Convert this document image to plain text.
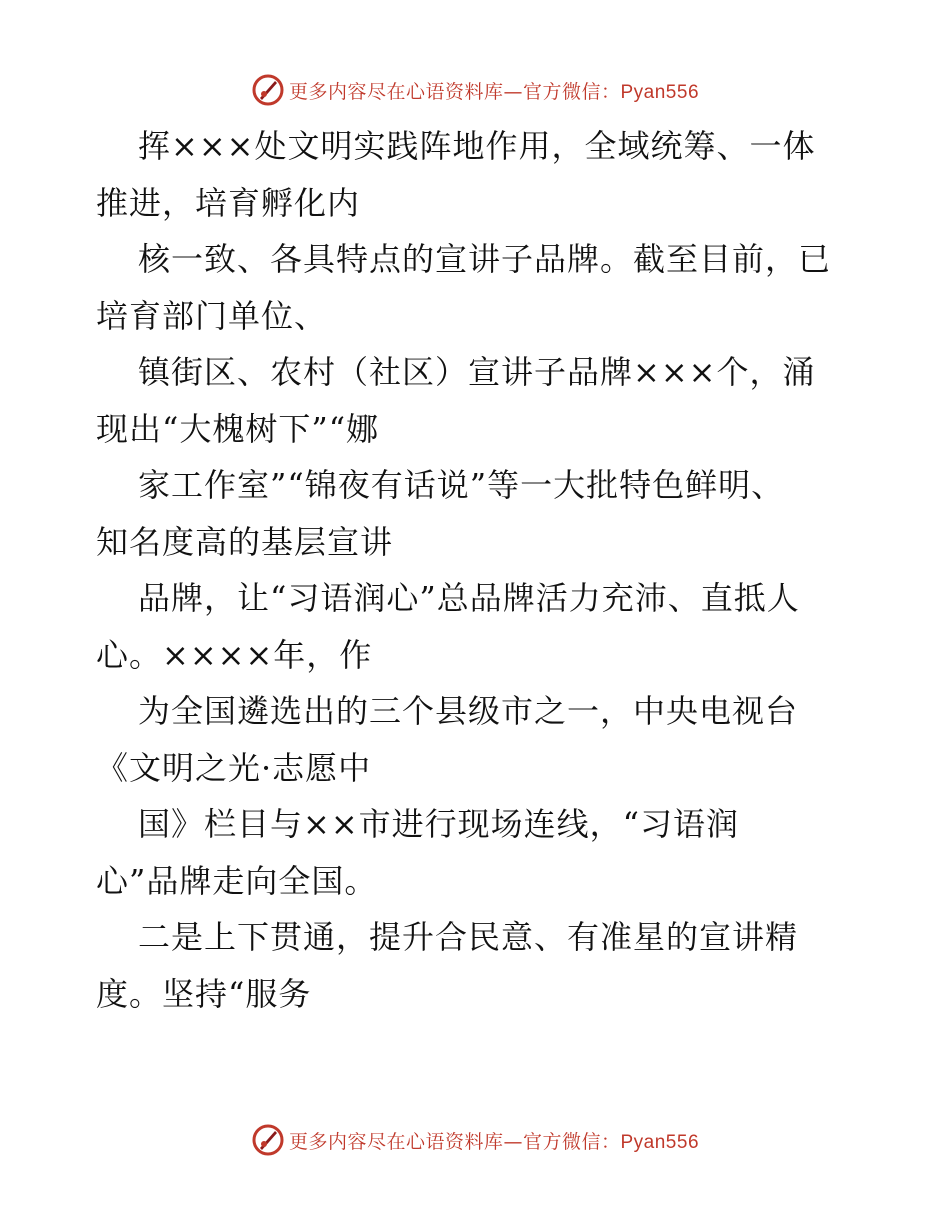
更多内容尽在心语资料库—官方微信：Pyan556
挥×××处文明实践阵地作用，全域统筹、一体
推进，培育孵化内
核一致、各具特点的宣讲子品牌。截至目前，已
培育部门单位、
镇街区、农村（社区）宣讲子品牌×××个，涌
现出“大槐树下”“娜
家工作室”“锦夜有话说”等一大批特色鲜明、
知名度高的基层宣讲
品牌，让“习语润心”总品牌活力充沛、直抵人
心。××××年，作
为全国遴选出的三个县级市之一，中央电视台
《文明之光·志愿中
国》栏目与××市进行现场连线，“习语润
心”品牌走向全国。
二是上下贯通，提升合民意、有准星的宣讲精
度。坚持“服务
更多内容尽在心语资料库—官方微信：Pyan556
